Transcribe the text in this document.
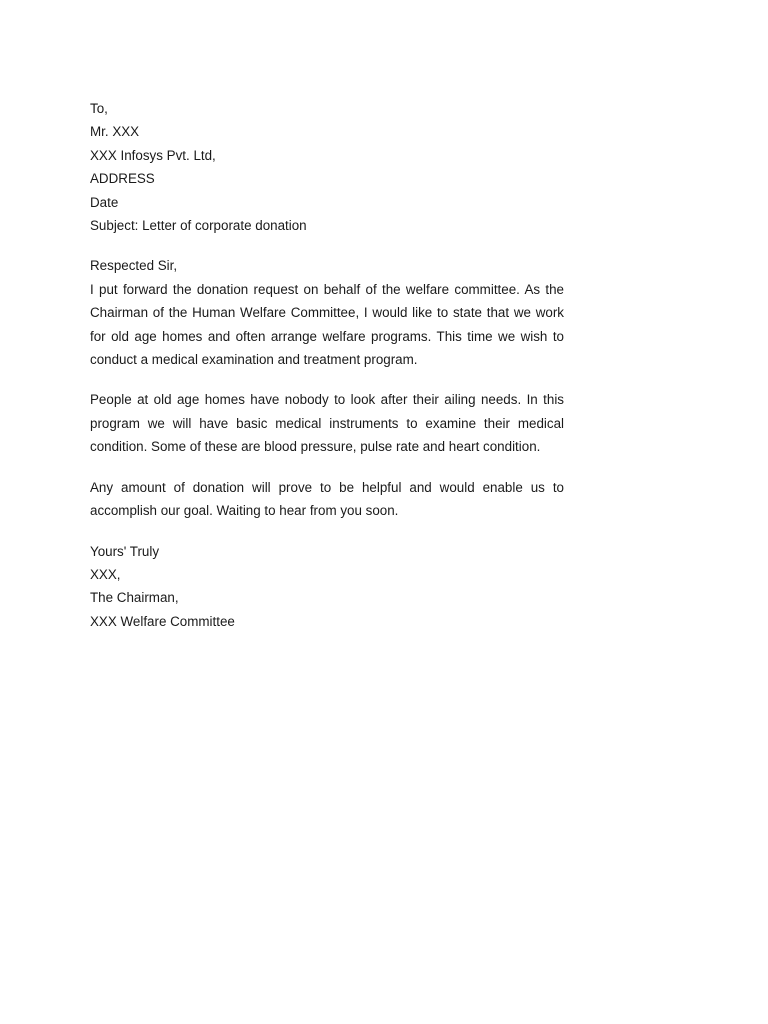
To,
Mr. XXX
XXX Infosys Pvt. Ltd,
ADDRESS
Date
Subject: Letter of corporate donation
Respected Sir,

I put forward the donation request on behalf of the welfare committee. As the Chairman of the Human Welfare Committee, I would like to state that we work for old age homes and often arrange welfare programs. This time we wish to conduct a medical examination and treatment program.

People at old age homes have nobody to look after their ailing needs. In this program we will have basic medical instruments to examine their medical condition. Some of these are blood pressure, pulse rate and heart condition.

Any amount of donation will prove to be helpful and would enable us to accomplish our goal. Waiting to hear from you soon.

Yours' Truly
XXX,
The Chairman,
XXX Welfare Committee
